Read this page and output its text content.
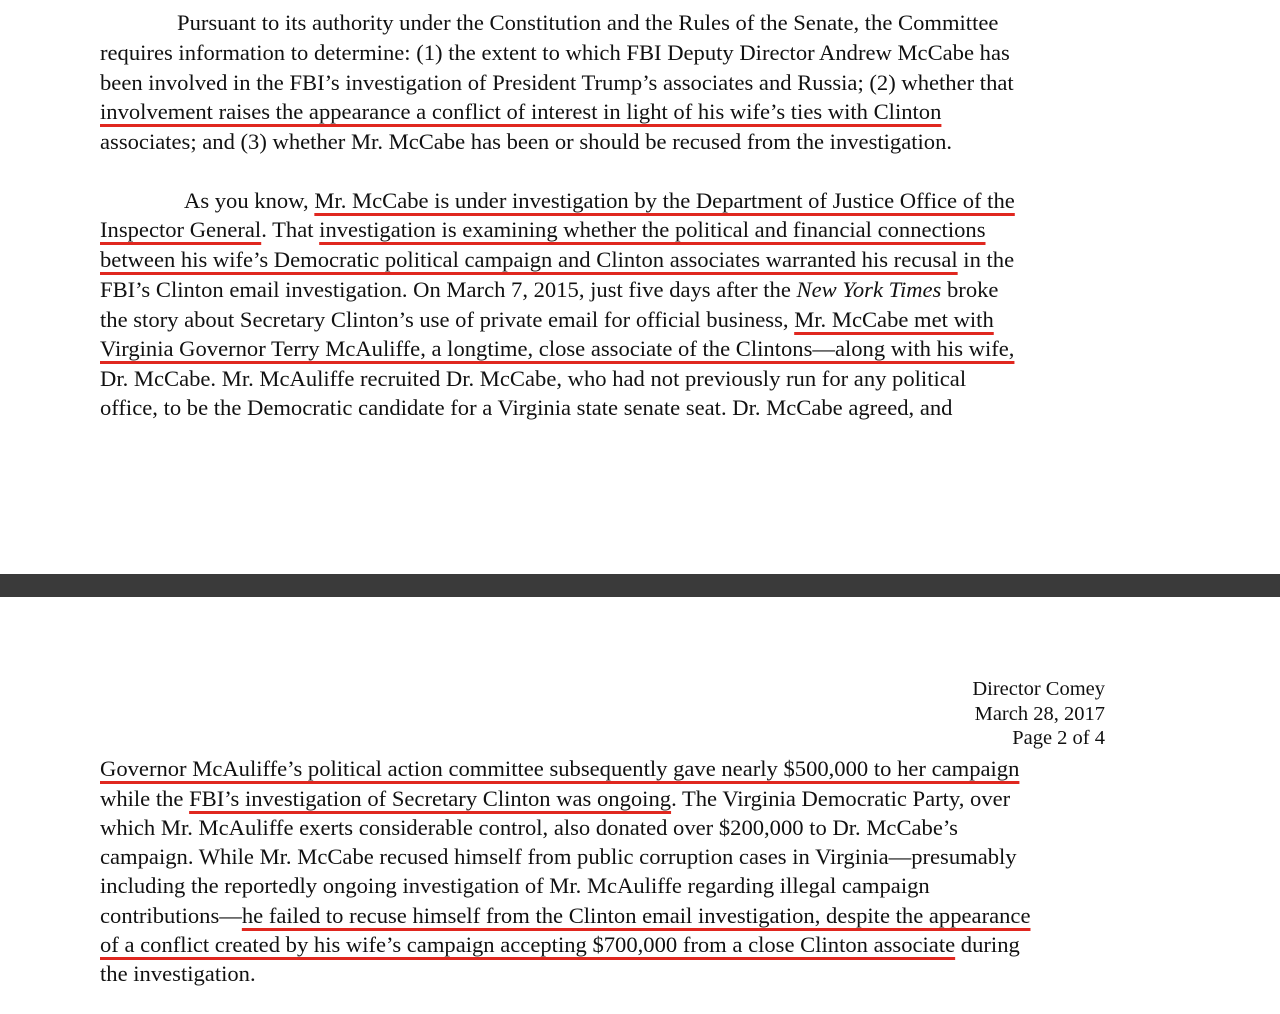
Pursuant to its authority under the Constitution and the Rules of the Senate, the Committee
requires information to determine: (1) the extent to which FBI Deputy Director Andrew McCabe has
been involved in the FBI’s investigation of President Trump’s associates and Russia; (2) whether that
involvement raises the appearance a conflict of interest in light of his wife’s ties with Clinton
associates; and (3) whether Mr. McCabe has been or should be recused from the investigation.
As you know, Mr. McCabe is under investigation by the Department of Justice Office of the
Inspector General. That investigation is examining whether the political and financial connections
between his wife’s Democratic political campaign and Clinton associates warranted his recusal in the
FBI’s Clinton email investigation. On March 7, 2015, just five days after the New York Times broke
the story about Secretary Clinton’s use of private email for official business, Mr. McCabe met with
Virginia Governor Terry McAuliffe, a longtime, close associate of the Clintons—along with his wife,
Dr. McCabe. Mr. McAuliffe recruited Dr. McCabe, who had not previously run for any political
office, to be the Democratic candidate for a Virginia state senate seat. Dr. McCabe agreed, and
Director Comey
March 28, 2017
Page 2 of 4
Governor McAuliffe’s political action committee subsequently gave nearly $500,000 to her campaign
while the FBI’s investigation of Secretary Clinton was ongoing. The Virginia Democratic Party, over
which Mr. McAuliffe exerts considerable control, also donated over $200,000 to Dr. McCabe’s
campaign. While Mr. McCabe recused himself from public corruption cases in Virginia—presumably
including the reportedly ongoing investigation of Mr. McAuliffe regarding illegal campaign
contributions—he failed to recuse himself from the Clinton email investigation, despite the appearance
of a conflict created by his wife’s campaign accepting $700,000 from a close Clinton associate during
the investigation.
